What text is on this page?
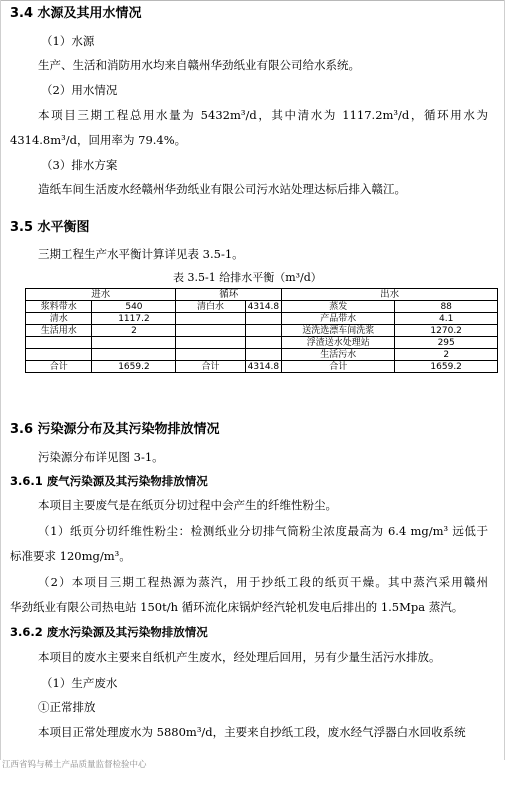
3.4 水源及其用水情况
（1）水源
生产、生活和消防用水均来自赣州华劲纸业有限公司给水系统。
（2）用水情况
本项目三期工程总用水量为 5432m³/d，其中清水为 1117.2m³/d，循环用水为
4314.8m³/d，回用率为 79.4%。
（3）排水方案
造纸车间生活废水经赣州华劲纸业有限公司污水站处理达标后排入赣江。
3.5 水平衡图
三期工程生产水平衡计算详见表 3.5-1。
表 3.5-1 给排水平衡（m³/d）
进水		循环		出水	
浆料带水	540	清白水	4314.8	蒸发	88
清水	1117.2			产品带水	4.1
生活用水	2			送洗选漂车间洗浆	1270.2
				浮渣送水处理站	295
				生活污水	2
合计	1659.2	合计	4314.8	合计	1659.2
3.6 污染源分布及其污染物排放情况
污染源分布详见图 3-1。
3.6.1 废气污染源及其污染物排放情况
本项目主要废气是在纸页分切过程中会产生的纤维性粉尘。
（1）纸页分切纤维性粉尘：检测纸业分切排气筒粉尘浓度最高为 6.4 mg/m³ 远低于
标准要求 120mg/m³。
（2）本项目三期工程热源为蒸汽，用于抄纸工段的纸页干燥。其中蒸汽采用赣州
华劲纸业有限公司热电站 150t/h 循环流化床锅炉经汽轮机发电后排出的 1.5Mpa 蒸汽。
3.6.2 废水污染源及其污染物排放情况
本项目的废水主要来自纸机产生废水，经处理后回用，另有少量生活污水排放。
（1）生产废水
①正常排放
本项目正常处理废水为 5880m³/d，主要来自抄纸工段，废水经气浮器白水回收系统
江西省钨与稀土产品质量监督检验中心
